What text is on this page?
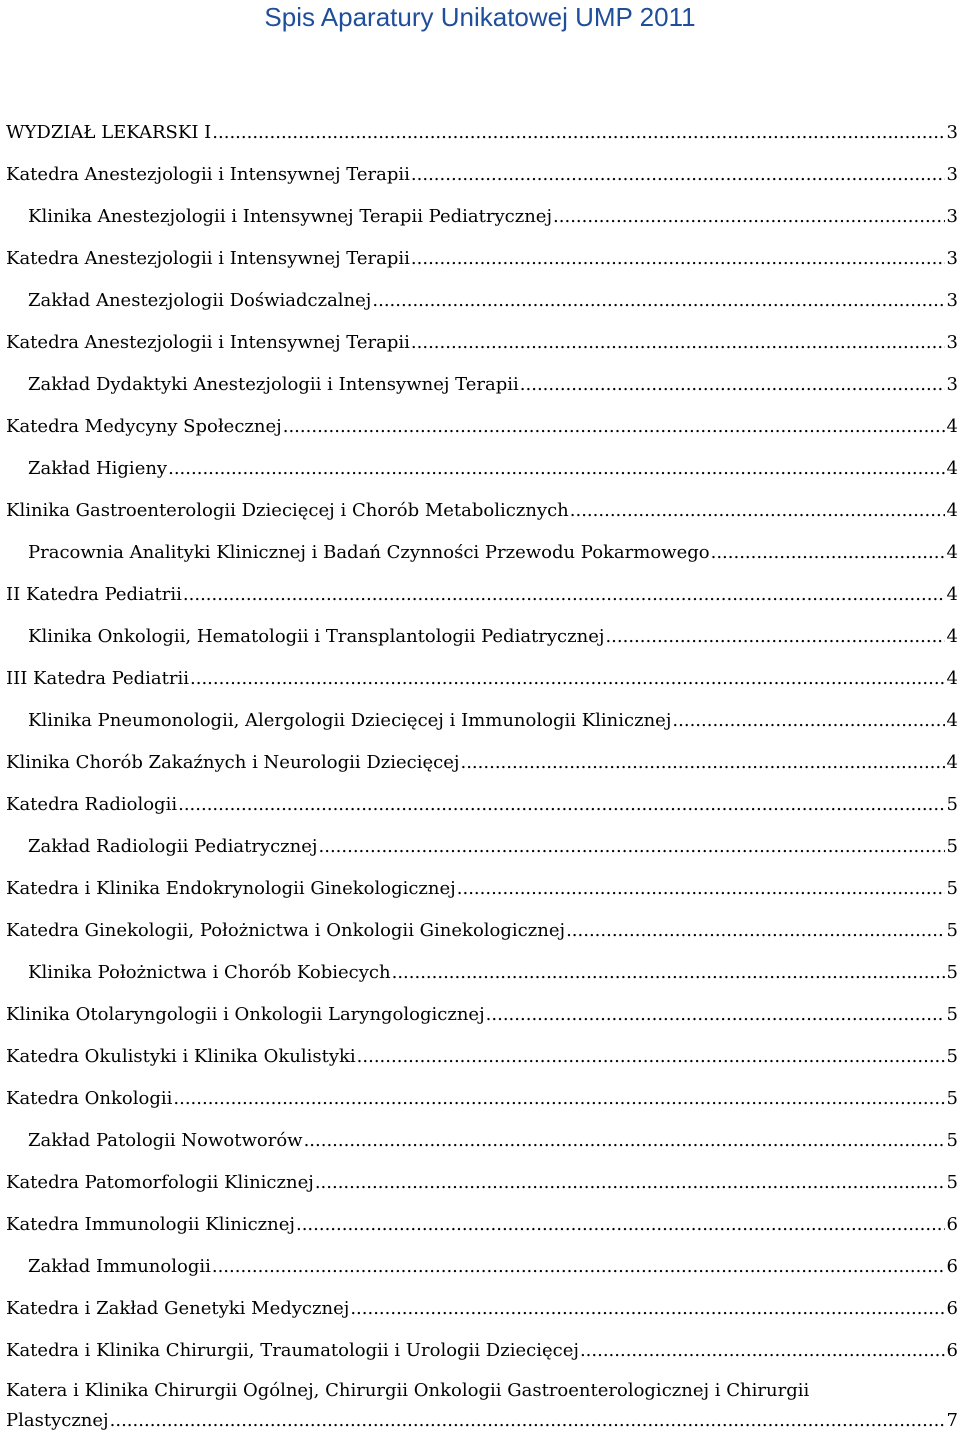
Spis Aparatury Unikatowej UMP 2011
WYDZIAŁ LEKARSKI I .....	3
Katedra Anestezjologii i Intensywnej Terapii .....	3
Klinika Anestezjologii i Intensywnej Terapii Pediatrycznej .....	3
Katedra Anestezjologii i Intensywnej Terapii .....	3
Zakład Anestezjologii Doświadczalnej .....	3
Katedra Anestezjologii i Intensywnej Terapii .....	3
Zakład Dydaktyki Anestezjologii i Intensywnej Terapii .....	3
Katedra Medycyny Społecznej .....	4
Zakład Higieny .....	4
Klinika Gastroenterologii Dziecięcej i Chorób Metabolicznych .....	4
Pracownia Analityki Klinicznej i Badań Czynności Przewodu Pokarmowego .....	4
II Katedra Pediatrii .....	4
Klinika Onkologii, Hematologii i Transplantologii Pediatrycznej .....	4
III Katedra Pediatrii .....	4
Klinika Pneumonologii, Alergologii Dziecięcej i Immunologii Klinicznej .....	4
Klinika Chorób Zakaźnych i Neurologii Dziecięcej .....	4
Katedra Radiologii .....	5
Zakład Radiologii Pediatrycznej .....	5
Katedra i Klinika Endokrynologii Ginekologicznej .....	5
Katedra Ginekologii, Położnictwa i Onkologii Ginekologicznej .....	5
Klinika Położnictwa i Chorób Kobiecych .....	5
Klinika Otolaryngologii i Onkologii Laryngologicznej .....	5
Katedra Okulistyki i Klinika Okulistyki .....	5
Katedra Onkologii .....	5
Zakład Patologii Nowotworów .....	5
Katedra Patomorfologii Klinicznej .....	5
Katedra Immunologii Klinicznej .....	6
Zakład Immunologii .....	6
Katedra i Zakład Genetyki Medycznej .....	6
Katedra i Klinika Chirurgii, Traumatologii i Urologii Dziecięcej .....	6
Katera i Klinika Chirurgii Ogólnej, Chirurgii Onkologii Gastroenterologicznej i Chirurgii
Plastycznej .....	7
